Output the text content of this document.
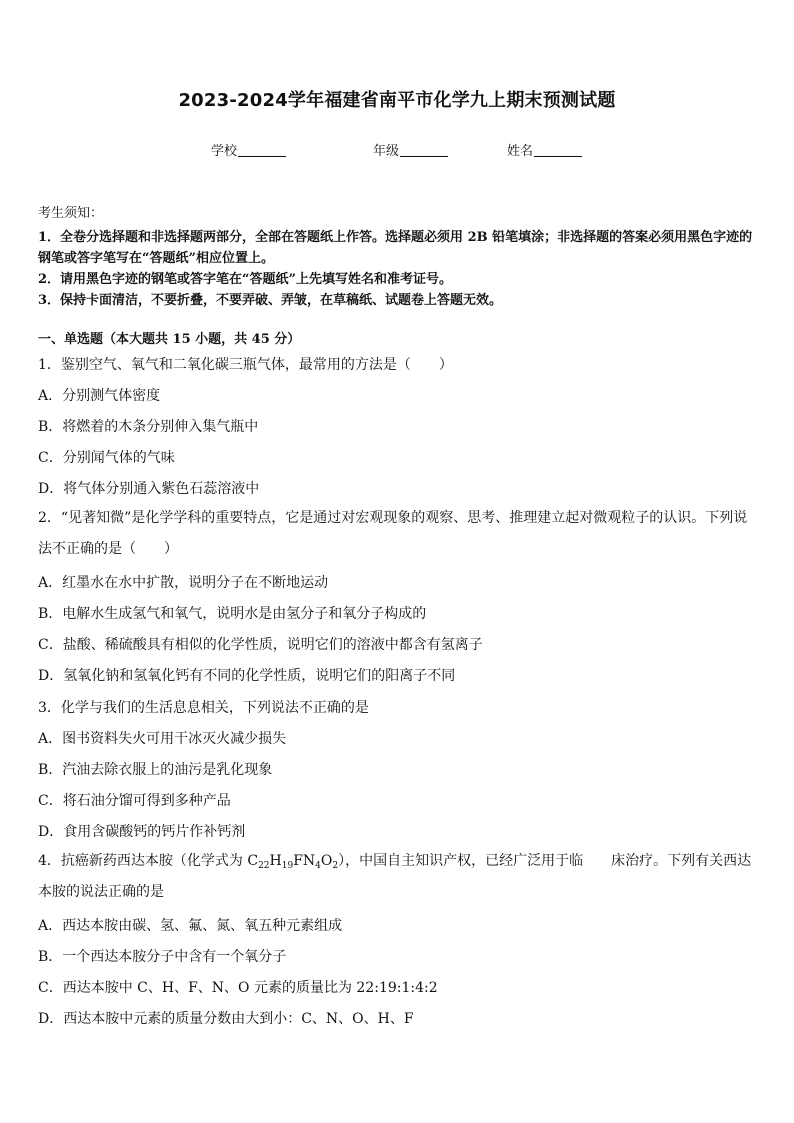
2023-2024学年福建省南平市化学九上期末预测试题
学校	年级	姓名
考生须知：
1．全卷分选择题和非选择题两部分，全部在答题纸上作答。选择题必须用 2B 铅笔填涂；非选择题的答案必须用黑色字迹的钢笔或答字笔写在“答题纸”相应位置上。
2．请用黑色字迹的钢笔或答字笔在“答题纸”上先填写姓名和准考证号。
3．保持卡面清洁，不要折叠，不要弄破、弄皱，在草稿纸、试题卷上答题无效。
一、单选题（本大题共 15 小题，共 45 分）
1．鉴别空气、氧气和二氧化碳三瓶气体，最常用的方法是（　　）
A．分别测气体密度
B．将燃着的木条分别伸入集气瓶中
C．分别闻气体的气味
D．将气体分别通入紫色石蕊溶液中
2．“见著知微”是化学学科的重要特点，它是通过对宏观现象的观察、思考、推理建立起对微观粒子的认识。下列说法不正确的是（　　）
A．红墨水在水中扩散，说明分子在不断地运动
B．电解水生成氢气和氧气，说明水是由氢分子和氧分子构成的
C．盐酸、稀硫酸具有相似的化学性质，说明它们的溶液中都含有氢离子
D．氢氧化钠和氢氧化钙有不同的化学性质，说明它们的阳离子不同
3．化学与我们的生活息息相关，下列说法不正确的是
A．图书资料失火可用干冰灭火减少损失
B．汽油去除衣服上的油污是乳化现象
C．将石油分馏可得到多种产品
D．食用含碳酸钙的钙片作补钙剂
4．抗癌新药西达本胺（化学式为 $C_{22}H_{19}FN_4O_2$），中国自主知识产权，已经广泛用于临　　床治疗。下列有关西达本胺的说法正确的是
A．西达本胺由碳、氢、氟、氮、氧五种元素组成
B．一个西达本胺分子中含有一个氧分子
C．西达本胺中 C、H、F、N、O 元素的质量比为 22:19:1:4:2
D．西达本胺中元素的质量分数由大到小：C、N、O、H、F
